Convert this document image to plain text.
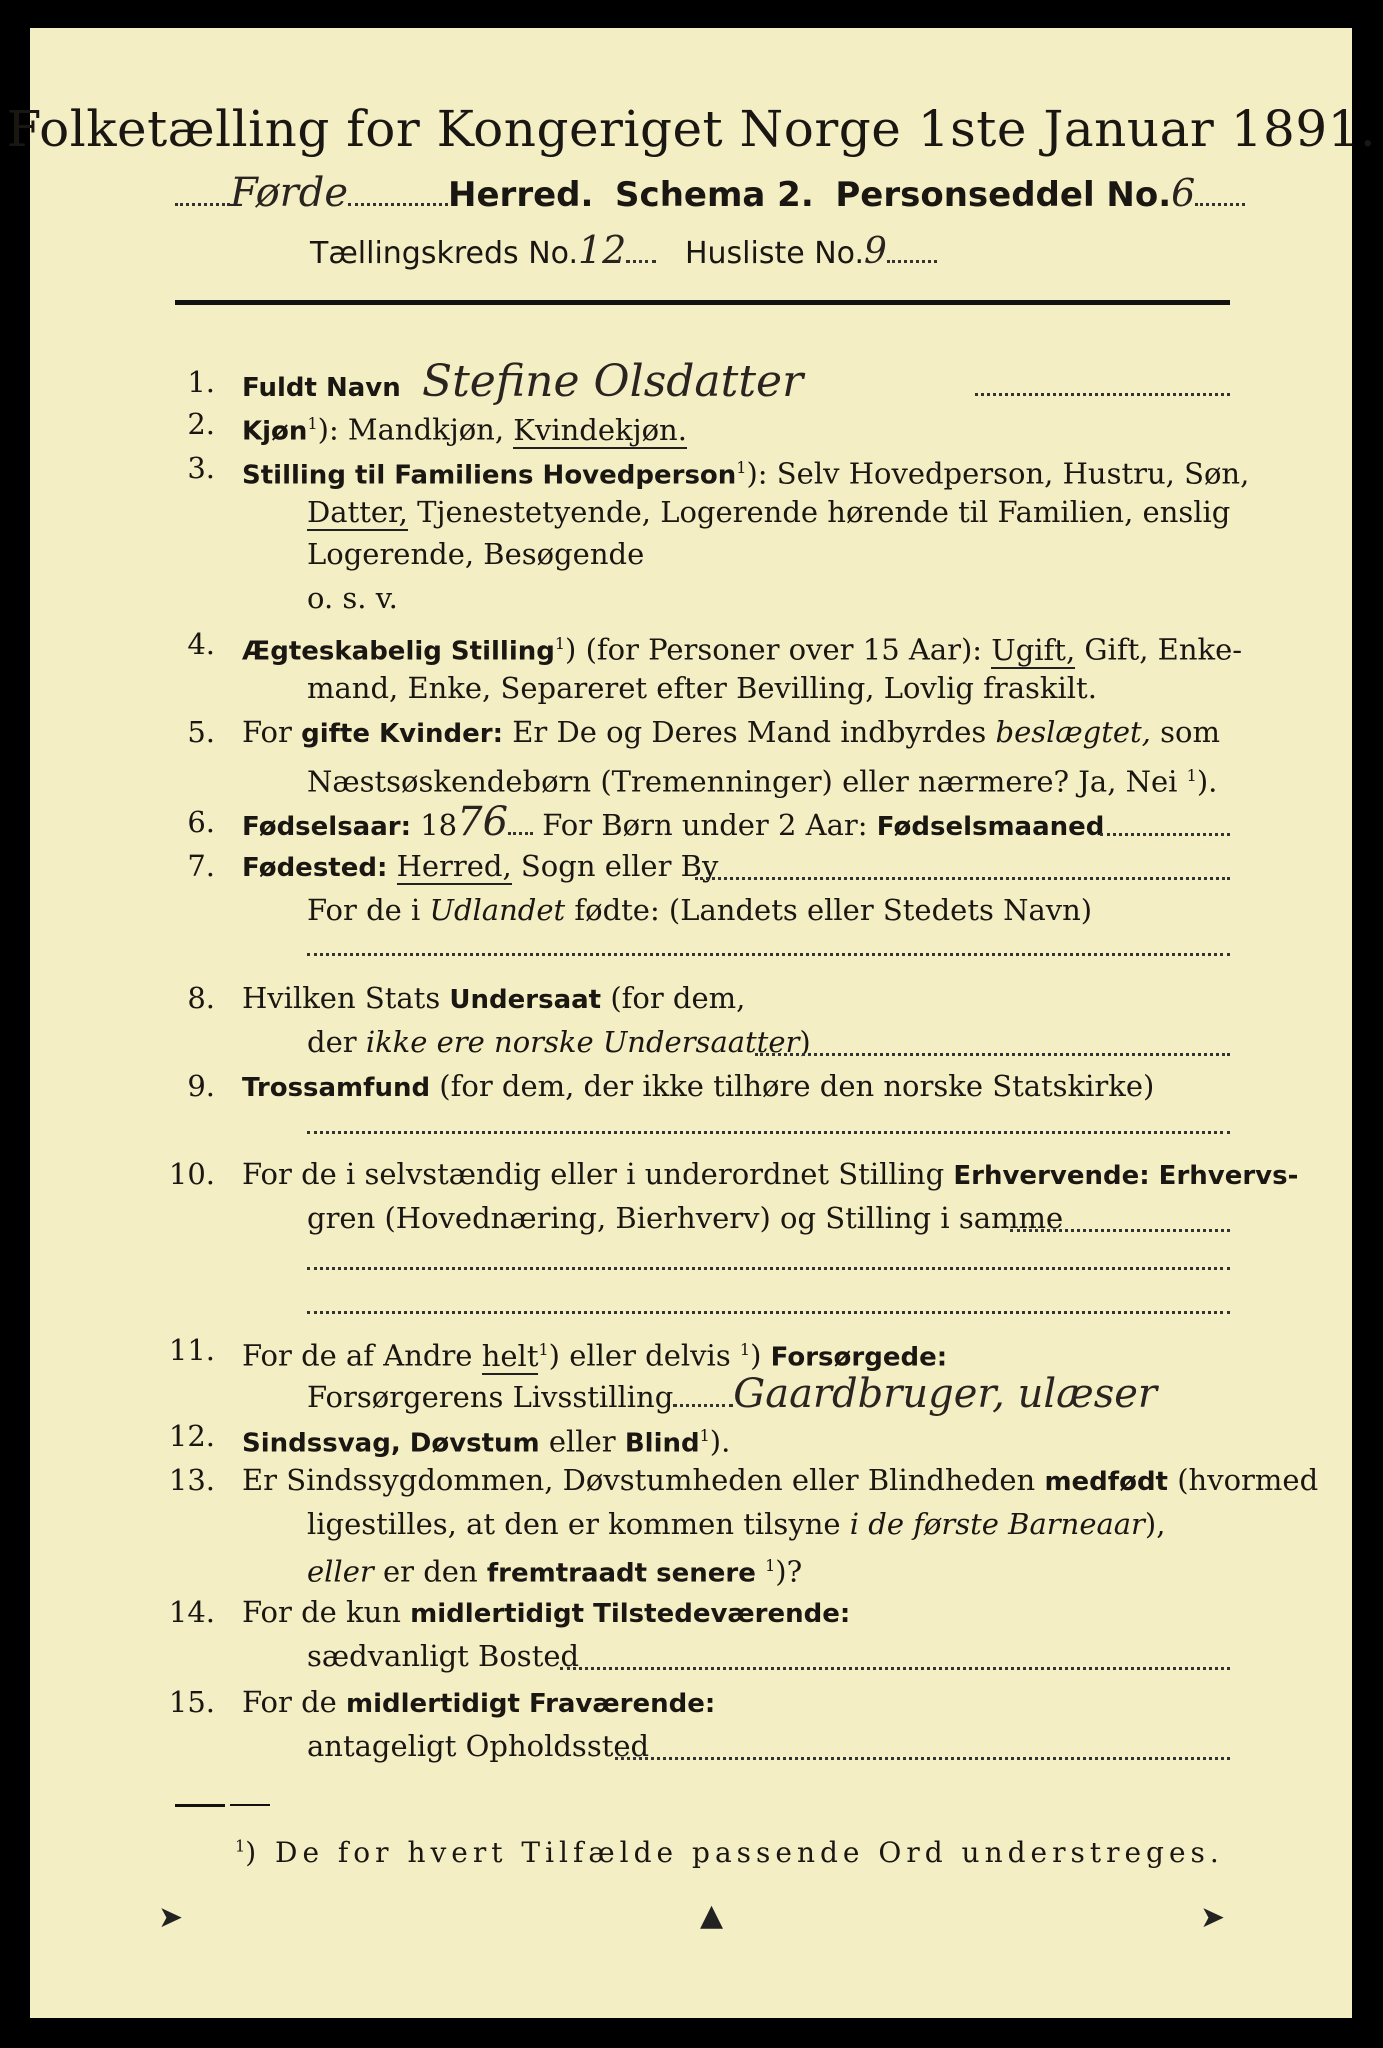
Folketælling for Kongeriget Norge 1ste Januar 1891.
Førde	Herred. Schema 2. Personseddel No.6
Tællingskreds No.12 Husliste No.9
1. Fuldt Navn Stefine Olsdatter
2. Kjøn$^1$): Mandkjøn, Kvindekjøn.
3. Stilling til Familiens Hovedperson$^1$): Selv Hovedperson, Hustru, Søn,
Datter, Tjenestetyende, Logerende hørende til Familien, enslig
Logerende, Besøgende
o. s. v.
4. Ægteskabelig Stilling$^1$) (for Personer over 15 Aar): Ugift, Gift, Enke-
mand, Enke, Separeret efter Bevilling, Lovlig fraskilt.
5. For gifte Kvinder: Er De og Deres Mand indbyrdes beslægtet, som
Næstsøskendebørn (Tremenninger) eller nærmere? Ja, Nei $^1$).
6. Fødselsaar: 1876 For Børn under 2 Aar: Fødselsmaaned
7. Fødested: Herred, Sogn eller By
For de i Udlandet fødte: (Landets eller Stedets Navn)
8. Hvilken Stats Undersaat (for dem,
der ikke ere norske Undersaatter)
9. Trossamfund (for dem, der ikke tilhøre den norske Statskirke)
10. For de i selvstændig eller i underordnet Stilling Erhvervende: Erhvervs-
gren (Hovednæring, Bierhverv) og Stilling i samme
11. For de af Andre helt$^1$) eller delvis $^1$) Forsørgede:
Forsørgerens Livsstilling Gaardbruger, ulæser
12. Sindssvag, Døvstum eller Blind$^1$).
13. Er Sindssygdommen, Døvstumheden eller Blindheden medfødt (hvormed
ligestilles, at den er kommen tilsyne i de første Barneaar),
eller er den fremtraadt senere $^1$)?
14. For de kun midlertidigt Tilstedeværende:
sædvanligt Bosted
15. For de midlertidigt Fraværende:
antageligt Opholdssted
$^1$) De for hvert Tilfælde passende Ord understreges.
➤	▲	➤
